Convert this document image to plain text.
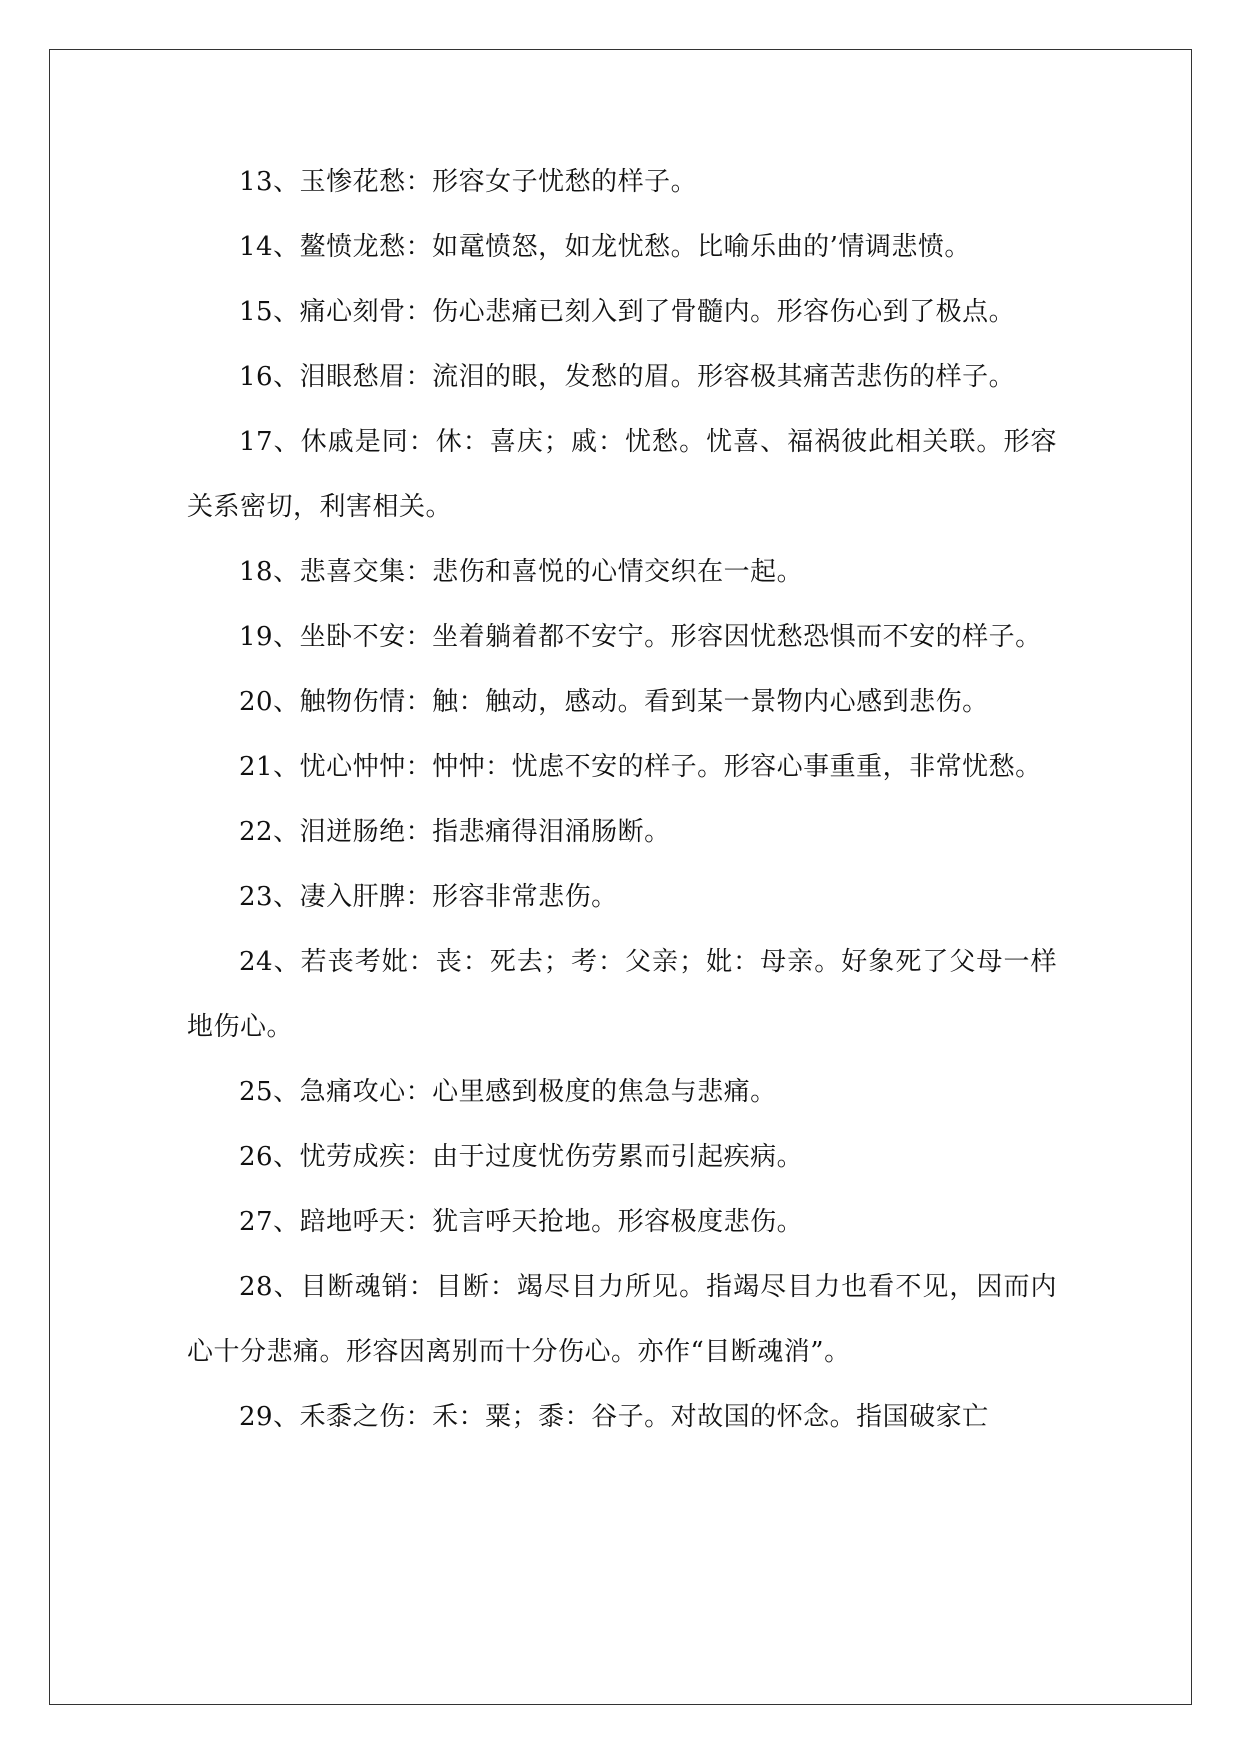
13、玉惨花愁：形容女子忧愁的样子。

14、鳌愤龙愁：如鼋愤怒，如龙忧愁。比喻乐曲的’情调悲愤。

15、痛心刻骨：伤心悲痛已刻入到了骨髓内。形容伤心到了极点。

16、泪眼愁眉：流泪的眼，发愁的眉。形容极其痛苦悲伤的样子。

17、休戚是同：休：喜庆；戚：忧愁。忧喜、福祸彼此相关联。形容关系密切，利害相关。

18、悲喜交集：悲伤和喜悦的心情交织在一起。

19、坐卧不安：坐着躺着都不安宁。形容因忧愁恐惧而不安的样子。

20、触物伤情：触：触动，感动。看到某一景物内心感到悲伤。

21、忧心忡忡：忡忡：忧虑不安的样子。形容心事重重，非常忧愁。

22、泪迸肠绝：指悲痛得泪涌肠断。

23、凄入肝脾：形容非常悲伤。

24、若丧考妣：丧：死去；考：父亲；妣：母亲。好象死了父母一样地伤心。

25、急痛攻心：心里感到极度的焦急与悲痛。

26、忧劳成疾：由于过度忧伤劳累而引起疾病。

27、踣地呼天：犹言呼天抢地。形容极度悲伤。

28、目断魂销：目断：竭尽目力所见。指竭尽目力也看不见，因而内心十分悲痛。形容因离别而十分伤心。亦作“目断魂消”。

29、禾黍之伤：禾：粟；黍：谷子。对故国的怀念。指国破家亡
